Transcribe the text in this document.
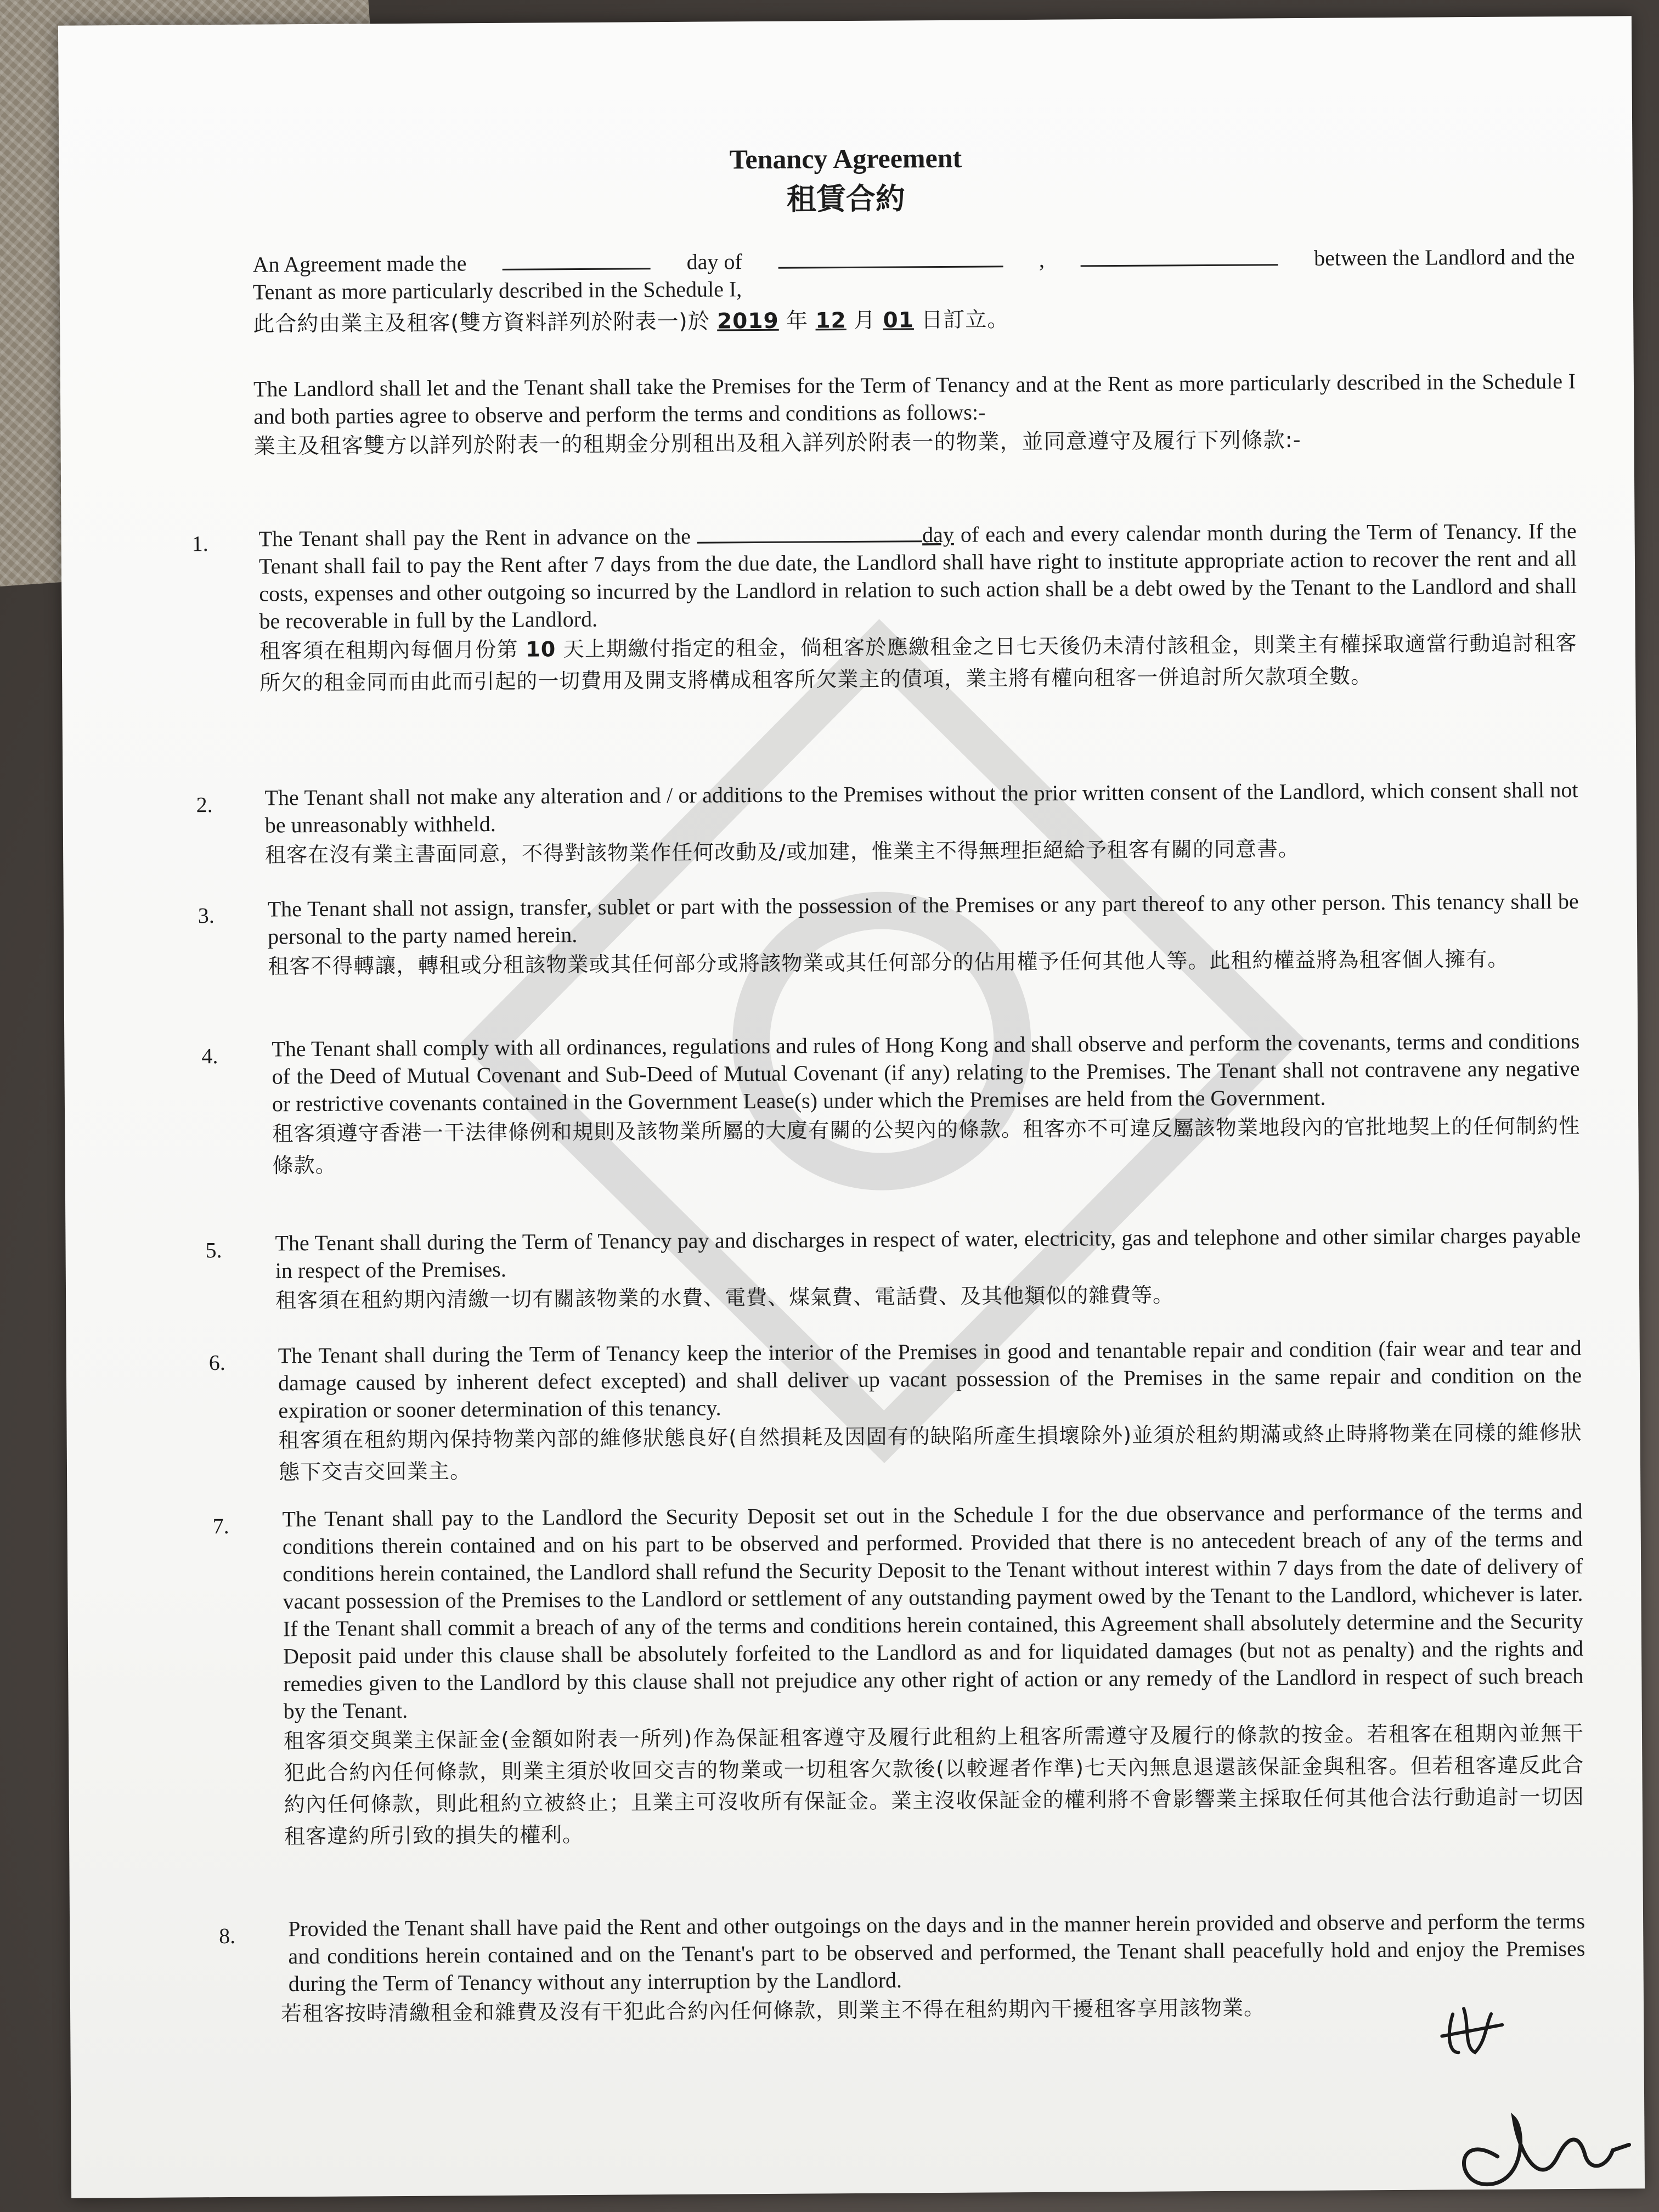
Tenancy Agreement
租賃合約
An Agreement made the	day of	,	between the Landlord and the
Tenant as more particularly described in the Schedule I,
此合約由業主及租客(雙方資料詳列於附表一)於 2019 年 12 月 01 日訂立。
The Landlord shall let and the Tenant shall take the Premises for the Term of Tenancy and at the Rent as more particularly described in the Schedule I and both parties agree to observe and perform the terms and conditions as follows:-
業主及租客雙方以詳列於附表一的租期金分別租出及租入詳列於附表一的物業，並同意遵守及履行下列條款:-
1. The Tenant shall pay the Rent in advance on the	day of each and every calendar month during the Term of Tenancy. If the Tenant shall fail to pay the Rent after 7 days from the due date, the Landlord shall have right to institute appropriate action to recover the rent and all costs, expenses and other outgoing so incurred by the Landlord in relation to such action shall be a debt owed by the Tenant to the Landlord and shall be recoverable in full by the Landlord.
租客須在租期內每個月份第 10 天上期繳付指定的租金，倘租客於應繳租金之日七天後仍未清付該租金，則業主有權採取適當行動追討租客所欠的租金同而由此而引起的一切費用及開支將構成租客所欠業主的債項，業主將有權向租客一併追討所欠款項全數。
2. The Tenant shall not make any alteration and / or additions to the Premises without the prior written consent of the Landlord, which consent shall not be unreasonably withheld.
租客在沒有業主書面同意，不得對該物業作任何改動及/或加建，惟業主不得無理拒絕給予租客有關的同意書。
3. The Tenant shall not assign, transfer, sublet or part with the possession of the Premises or any part thereof to any other person. This tenancy shall be personal to the party named herein.
租客不得轉讓，轉租或分租該物業或其任何部分或將該物業或其任何部分的佔用權予任何其他人等。此租約權益將為租客個人擁有。
4. The Tenant shall comply with all ordinances, regulations and rules of Hong Kong and shall observe and perform the covenants, terms and conditions of the Deed of Mutual Covenant and Sub-Deed of Mutual Covenant (if any) relating to the Premises. The Tenant shall not contravene any negative or restrictive covenants contained in the Government Lease(s) under which the Premises are held from the Government.
租客須遵守香港一干法律條例和規則及該物業所屬的大廈有關的公契內的條款。租客亦不可違反屬該物業地段內的官批地契上的任何制約性條款。
5. The Tenant shall during the Term of Tenancy pay and discharges in respect of water, electricity, gas and telephone and other similar charges payable in respect of the Premises.
租客須在租約期內清繳一切有關該物業的水費、電費、煤氣費、電話費、及其他類似的雜費等。
6. The Tenant shall during the Term of Tenancy keep the interior of the Premises in good and tenantable repair and condition (fair wear and tear and damage caused by inherent defect excepted) and shall deliver up vacant possession of the Premises in the same repair and condition on the expiration or sooner determination of this tenancy.
租客須在租約期內保持物業內部的維修狀態良好(自然損耗及因固有的缺陷所產生損壞除外)並須於租約期滿或終止時將物業在同樣的維修狀態下交吉交回業主。
7. The Tenant shall pay to the Landlord the Security Deposit set out in the Schedule I for the due observance and performance of the terms and conditions therein contained and on his part to be observed and performed. Provided that there is no antecedent breach of any of the terms and conditions herein contained, the Landlord shall refund the Security Deposit to the Tenant without interest within 7 days from the date of delivery of vacant possession of the Premises to the Landlord or settlement of any outstanding payment owed by the Tenant to the Landlord, whichever is later. If the Tenant shall commit a breach of any of the terms and conditions herein contained, this Agreement shall absolutely determine and the Security Deposit paid under this clause shall be absolutely forfeited to the Landlord as and for liquidated damages (but not as penalty) and the rights and remedies given to the Landlord by this clause shall not prejudice any other right of action or any remedy of the Landlord in respect of such breach by the Tenant.
租客須交與業主保証金(金額如附表一所列)作為保証租客遵守及履行此租約上租客所需遵守及履行的條款的按金。若租客在租期內並無干犯此合約內任何條款，則業主須於收回交吉的物業或一切租客欠款後(以較遲者作準)七天內無息退還該保証金與租客。但若租客違反此合約內任何條款，則此租約立被終止；且業主可沒收所有保証金。業主沒收保証金的權利將不會影響業主採取任何其他合法行動追討一切因租客違約所引致的損失的權利。
8. Provided the Tenant shall have paid the Rent and other outgoings on the days and in the manner herein provided and observe and perform the terms and conditions herein contained and on the Tenant's part to be observed and performed, the Tenant shall peacefully hold and enjoy the Premises during the Term of Tenancy without any interruption by the Landlord.
若租客按時清繳租金和雜費及沒有干犯此合約內任何條款，則業主不得在租約期內干擾租客享用該物業。
